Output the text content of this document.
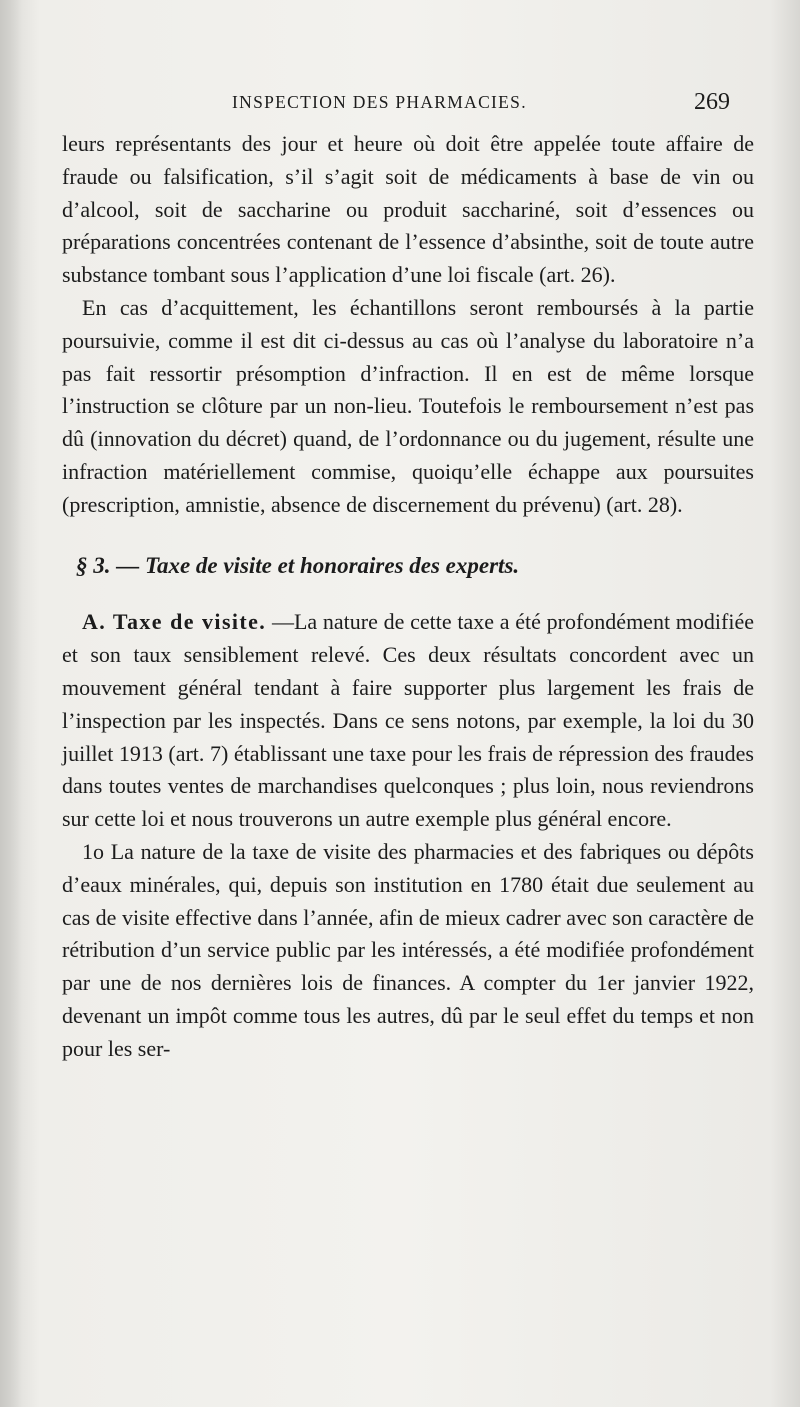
INSPECTION DES PHARMACIES.	269

leurs représentants des jour et heure où doit être appelée toute affaire de fraude ou falsification, s’il s’agit soit de médicaments à base de vin ou d’alcool, soit de saccharine ou produit sacchariné, soit d’essences ou préparations concentrées contenant de l’essence d’absinthe, soit de toute autre substance tombant sous l’application d’une loi fiscale (art. 26).

En cas d’acquittement, les échantillons seront remboursés à la partie poursuivie, comme il est dit ci-dessus au cas où l’analyse du laboratoire n’a pas fait ressortir présomption d’infraction. Il en est de même lorsque l’instruction se clôture par un non-lieu. Toutefois le remboursement n’est pas dû (innovation du décret) quand, de l’ordonnance ou du jugement, résulte une infraction matériellement commise, quoiqu’elle échappe aux poursuites (prescription, amnistie, absence de discernement du prévenu) (art. 28).

§ 3. — Taxe de visite et honoraires des experts.

A. Taxe de visite. —La nature de cette taxe a été profondément modifiée et son taux sensiblement relevé. Ces deux résultats concordent avec un mouvement général tendant à faire supporter plus largement les frais de l’inspection par les inspectés. Dans ce sens notons, par exemple, la loi du 30 juillet 1913 (art. 7) établissant une taxe pour les frais de répression des fraudes dans toutes ventes de marchandises quelconques ; plus loin, nous reviendrons sur cette loi et nous trouverons un autre exemple plus général encore.

1o La nature de la taxe de visite des pharmacies et des fabriques ou dépôts d’eaux minérales, qui, depuis son institution en 1780 était due seulement au cas de visite effective dans l’année, afin de mieux cadrer avec son caractère de rétribution d’un service public par les intéressés, a été modifiée profondément par une de nos dernières lois de finances. A compter du 1er janvier 1922, devenant un impôt comme tous les autres, dû par le seul effet du temps et non pour les ser-
